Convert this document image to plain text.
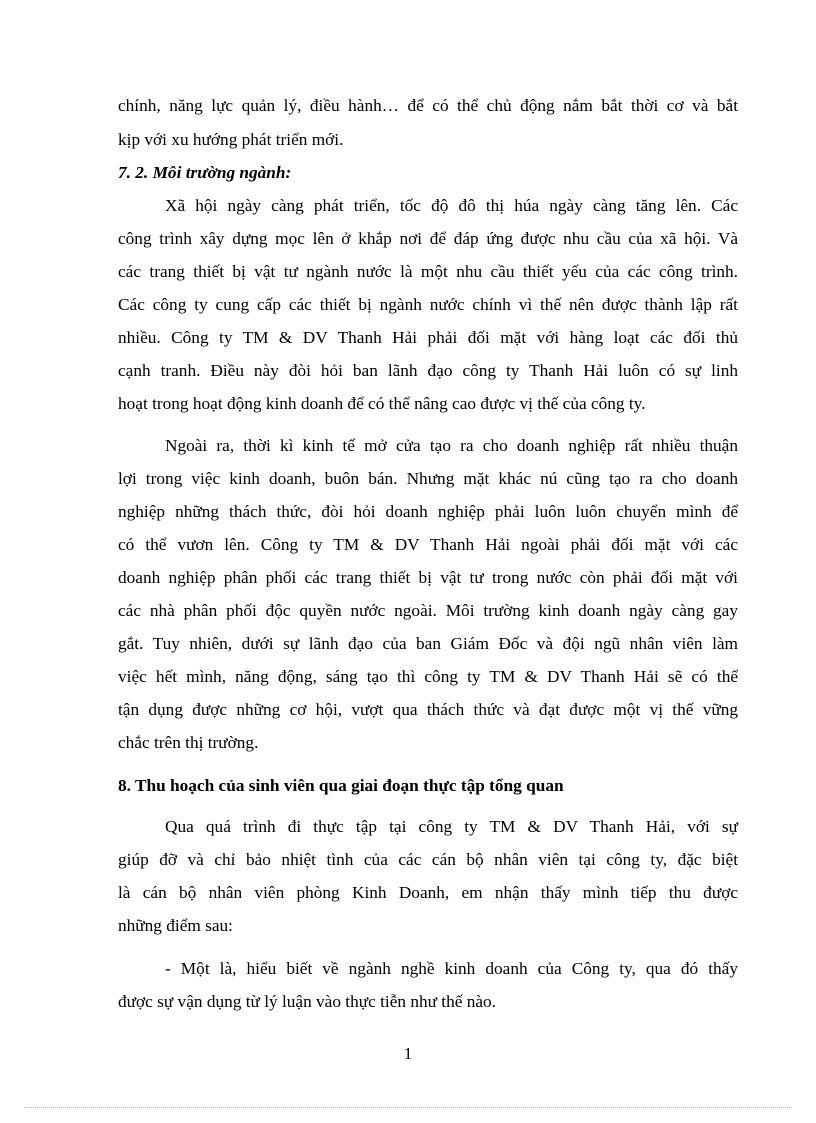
chính, năng lực quản lý, điều hành… để có thể chủ động nắm bắt thời cơ và bắt
kịp với xu hướng phát triển mới.
7. 2. Môi trường ngành:
Xã hội ngày càng phát triển, tốc độ đô thị húa ngày càng tăng lên. Các
công trình xây dựng mọc lên ở khắp nơi để đáp ứng được nhu cầu của xã hội. Và
các trang thiết bị vật tư ngành nước là một nhu cầu thiết yếu của các công trình.
Các công ty cung cấp các thiết bị ngành nước chính vì thế nên được thành lập rất
nhiều. Công ty TM & DV Thanh Hải phải đối mặt với hàng loạt các đối thủ
cạnh tranh. Điều này đòi hỏi ban lãnh đạo công ty Thanh Hải luôn có sự linh
hoạt trong hoạt động kinh doanh để có thể nâng cao được vị thế của công ty.
Ngoài ra, thời kì kinh tế mở cửa tạo ra cho doanh nghiệp rất nhiều thuận
lợi trong việc kinh doanh, buôn bán. Nhưng mặt khác nú cũng tạo ra cho doanh
nghiệp những thách thức, đòi hỏi doanh nghiệp phải luôn luôn chuyển mình để
có thể vươn lên. Công ty TM & DV Thanh Hải ngoài phải đối mặt với các
doanh nghiệp phân phối các trang thiết bị vật tư trong nước còn phải đối mặt với
các nhà phân phối độc quyền nước ngoài. Môi trường kinh doanh ngày càng gay
gắt. Tuy nhiên, dưới sự lãnh đạo của ban Giám Đốc và đội ngũ nhân viên làm
việc hết mình, năng động, sáng tạo thì công ty TM & DV Thanh Hải sẽ có thể
tận dụng được những cơ hội, vượt qua thách thức và đạt được một vị thế vững
chắc trên thị trường.
8. Thu hoạch của sinh viên qua giai đoạn thực tập tổng quan
Qua quá trình đi thực tập tại công ty TM & DV Thanh Hải, với sự
giúp đỡ và chỉ bảo nhiệt tình của các cán bộ nhân viên tại công ty, đặc biệt
là cán bộ nhân viên phòng Kinh Doanh, em nhận thấy mình tiếp thu được
những điểm sau:
- Một là, hiểu biết về ngành nghề kinh doanh của Công ty, qua đó thấy
được sự vận dụng từ lý luận vào thực tiễn như thế nào.
1
